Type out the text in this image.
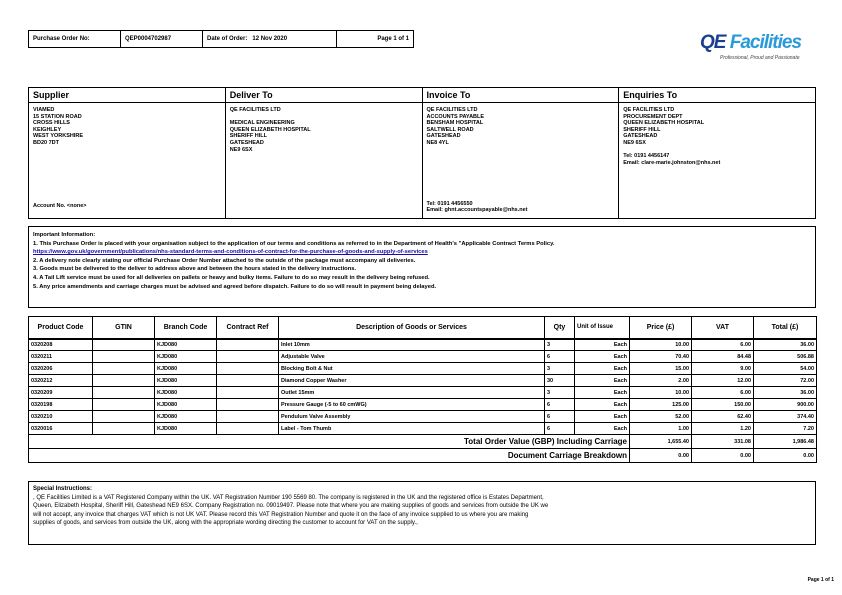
Purchase Order No:	QEP0004702987	Date of Order:
12 Nov 2020	Page 1 of 1	QE Facilities
Professional, Proud and Passionate
Supplier
VIAMED
15 STATION ROAD
CROSS HILLS
KEIGHLEY
WEST YORKSHIRE
BD20 7DT
Account No. <none>
Deliver To
QE FACILITIES LTD
MEDICAL ENGINEERING
QUEEN ELIZABETH HOSPITAL
SHERIFF HILL
GATESHEAD
NE9 6SX
Invoice To
QE FACILITIES LTD
ACCOUNTS PAYABLE
BENSHAM HOSPITAL
SALTWELL ROAD
GATESHEAD
NE8 4YL
Tel: 0191 4456550
Email: ghnt.accountspayable@nhs.net
Enquiries To
QE FACILITIES LTD
PROCUREMENT DEPT
QUEEN ELIZABETH HOSPITAL
SHERIFF HILL
GATESHEAD
NE9 6SX
Tel: 0191 4456147
Email: clare-marie.johnston@nhs.net
Important Information:
1. This Purchase Order is placed with your organisation subject to the application of our terms and conditions as referred to in the Department of Health's "Applicable Contract Terms Policy.
https://www.gov.uk/government/publications/nhs-standard-terms-and-conditions-of-contract-for-the-purchase-of-goods-and-supply-of-services
2. A delivery note clearly stating our official Purchase Order Number attached to the outside of the package must accompany all deliveries.
3. Goods must be delivered to the deliver to address above and between the hours stated in the delivery instructions.
4. A Tail Lift service must be used for all deliveries on pallets or heavy and bulky items. Failure to do so may result in the delivery being refused.
5. Any price amendments and carriage charges must be advised and agreed before dispatch. Failure to do so will result in payment being delayed.
Product Code	GTIN	Branch Code	Contract Ref	Description of Goods or Services	Qty	Unit of Issue	Price (£)	VAT	Total (£)
0320208		KJD080		Inlet 10mm	3	Each	10.00	6.00	36.00
0320211		KJD080		Adjustable Valve	6	Each	70.40	84.48	506.88
0320206		KJD080		Blocking Bolt & Nut	3	Each	15.00	9.00	54.00
0320212		KJD080		Diamond Copper Washer	30	Each	2.00	12.00	72.00
0320209		KJD080		Outlet 15mm	3	Each	10.00	6.00	36.00
0320198		KJD080		Pressure Gauge (-5 to 60 cmWG)	6	Each	125.00	150.00	900.00
0320210		KJD080		Pendulum Valve Assembly	6	Each	52.00	62.40	374.40
0320016		KJD080		Label - Tom Thumb	6	Each	1.00	1.20	7.20
Total Order Value (GBP) Including Carriage							1,655.40	331.08	1,986.48
Document Carriage Breakdown							0.00	0.00	0.00
Special Instructions:
, QE Facilities Limited is a VAT Registered Company within the UK. VAT Registration Number 190 5569 80. The company is registered in the UK and the registered office is Estates Department,
Queen, Elizabeth Hospital, Sheriff Hill, Gateshead NE9 6SX. Company Registration no. 09019497. Please note that where you are making supplies of goods and services from outside the UK we
will not accept, any invoice that charges VAT which is not UK VAT. Please record this VAT Registration Number and quote it on the face of any invoice supplied to us where you are making
supplies of goods, and services from outside the UK, along with the appropriate wording directing the customer to account for VAT on the supply.,
Page 1 of 1
